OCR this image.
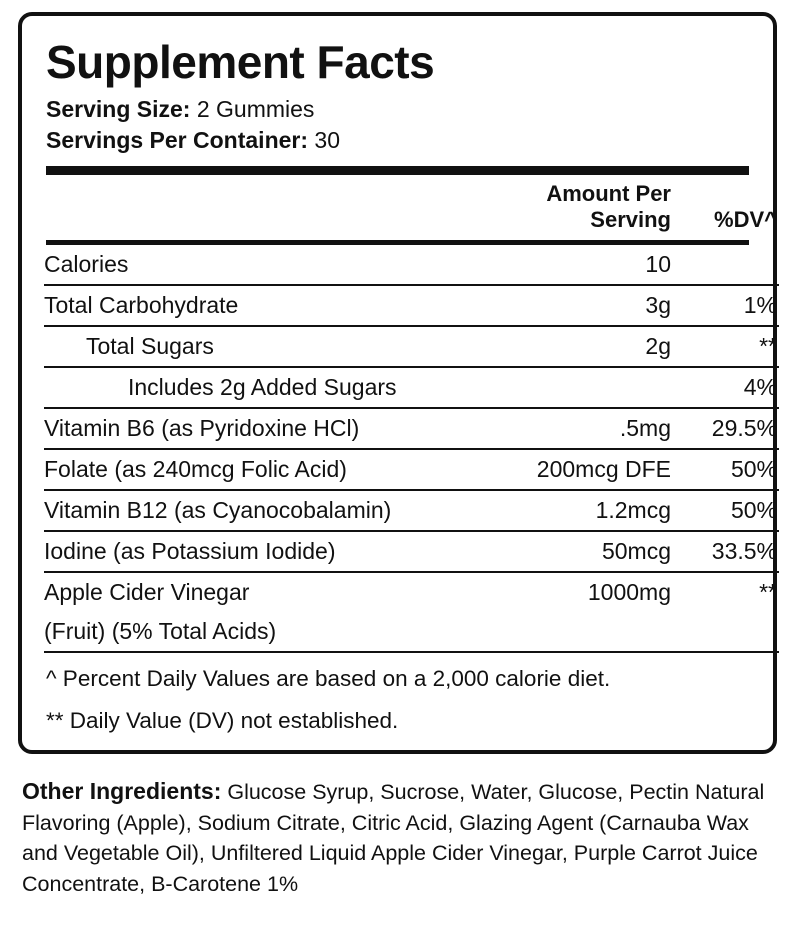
Supplement Facts
Serving Size: 2 Gummies
Servings Per Container: 30
	Amount Per Serving	%DV^
Calories	10	
Total Carbohydrate	3g	1%
Total Sugars	2g	**
Includes 2g Added Sugars		4%
Vitamin B6 (as Pyridoxine HCl)	.5mg	29.5%
Folate (as 240mcg Folic Acid)	200mcg DFE	50%
Vitamin B12 (as Cyanocobalamin)	1.2mcg	50%
Iodine (as Potassium Iodide)	50mcg	33.5%
Apple Cider Vinegar	1000mg	**
(Fruit) (5% Total Acids)		
^ Percent Daily Values are based on a 2,000 calorie diet.
** Daily Value (DV) not established.
Other Ingredients: Glucose Syrup, Sucrose, Water, Glucose, Pectin Natural Flavoring (Apple), Sodium Citrate, Citric Acid, Glazing Agent (Carnauba Wax and Vegetable Oil), Unfiltered Liquid Apple Cider Vinegar, Purple Carrot Juice Concentrate, B-Carotene 1%
